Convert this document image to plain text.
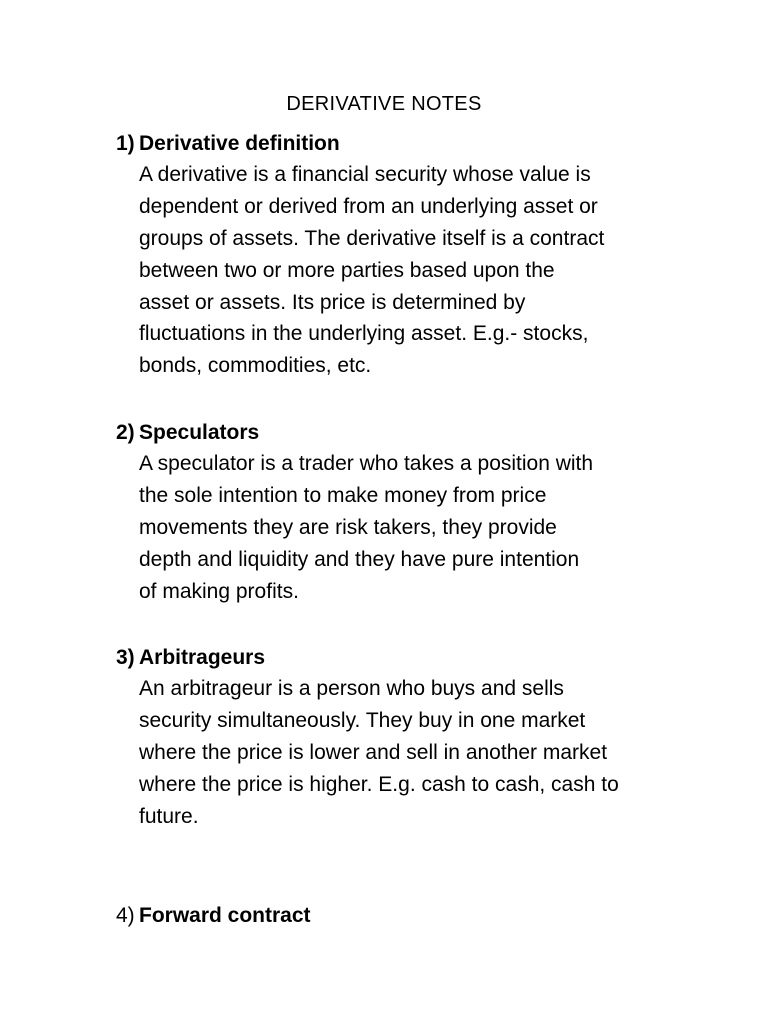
DERIVATIVE NOTES
1) Derivative definition
A derivative is a financial security whose value is
dependent or derived from an underlying asset or
groups of assets. The derivative itself is a contract
between two or more parties based upon the
asset or assets. Its price is determined by
fluctuations in the underlying asset. E.g.- stocks,
bonds, commodities, etc.
2) Speculators
A speculator is a trader who takes a position with
the sole intention to make money from price
movements they are risk takers, they provide
depth and liquidity and they have pure intention
of making profits.
3) Arbitrageurs
An arbitrageur is a person who buys and sells
security simultaneously. They buy in one market
where the price is lower and sell in another market
where the price is higher. E.g. cash to cash, cash to
future.
4) Forward contract
